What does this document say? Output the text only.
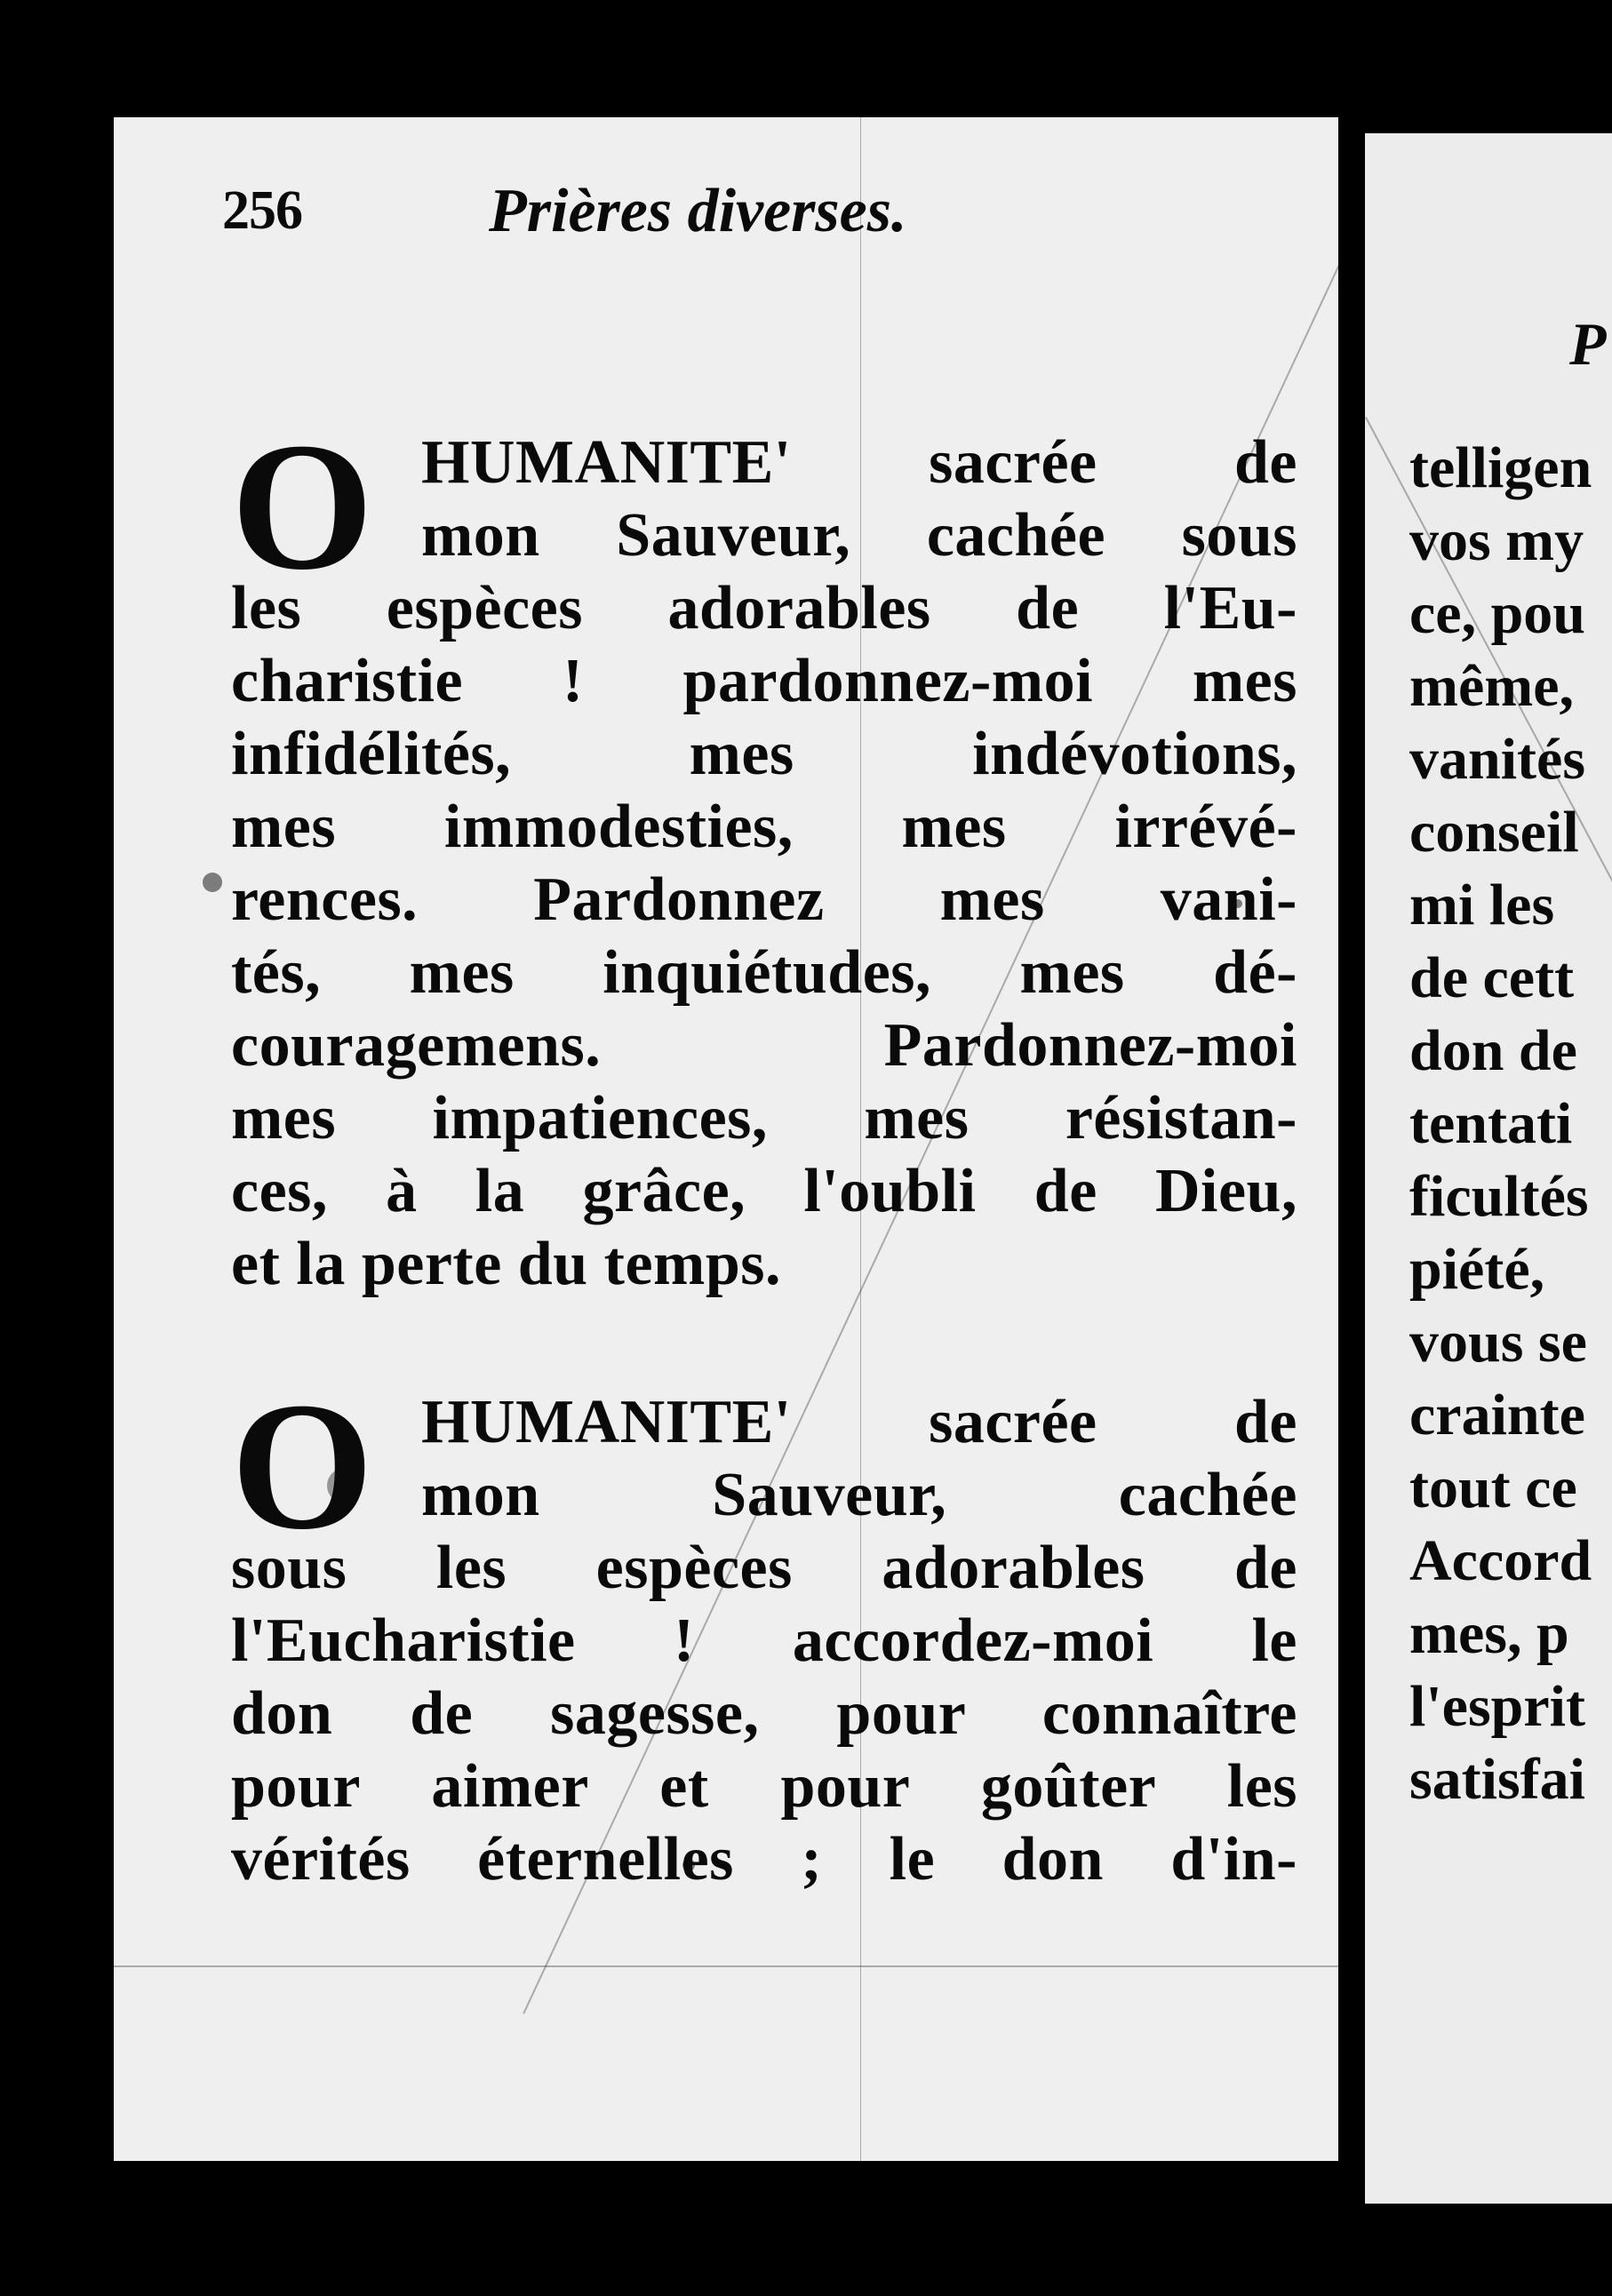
256	Prières diverses.
O HUMANITE' sacrée de
mon Sauveur, cachée sous
les espèces adorables de l'Eu-
charistie ! pardonnez-moi mes
infidélités, mes indévotions,
mes immodesties, mes irrévé-
rences. Pardonnez mes vani-
tés, mes inquiétudes, mes dé-
couragemens. Pardonnez-moi
mes impatiences, mes résistan-
ces, à la grâce, l'oubli de Dieu,
et la perte du temps.
O HUMANITE' sacrée de
mon Sauveur, cachée
sous les espèces adorables de
l'Eucharistie ! accordez-moi le
don de sagesse, pour connaître
pour aimer et pour goûter les
vérités éternelles ; le don d'in-
P
telligen
vos my
ce, pou
même,
vanités
conseil
mi les
de cett
don de
tentati
ficultés
piété,
vous se
crainte
tout ce
Accord
mes, p
l'esprit
satisfai
